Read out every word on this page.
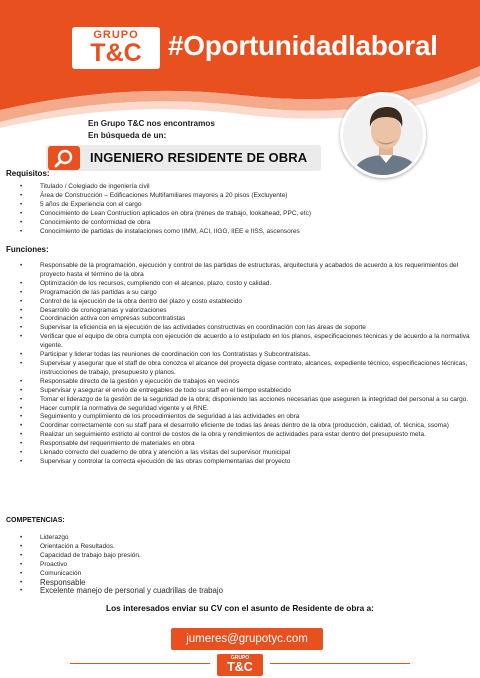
GRUPO
T&C #Oportunidadlaboral
En Grupo T&C nos encontramos
En búsqueda de un:
INGENIERO RESIDENTE DE OBRA
Requisitos:
• Titulado / Colegiado de ingeniería civil
• Área de Construcción – Edificaciones Multifamiliares mayores a 20 pisos (Excluyente)
• 5 años de Experiencia con el cargo
• Conocimiento de Lean Contruction aplicados en obra (trenes de trabajo, lookahead, PPC, etc)
• Conocimiento de conformidad de obra
• Conocimiento de partidas de instalaciones como IIMM, ACI, IIGG, IIEE e IISS, ascensores
Funciones:
• Responsable de la programación, ejecución y control de las partidas de estructuras, arquitectura y acabados de acuerdo a los requerimientos del proyecto hasta el término de la obra
• Optimización de los recursos, cumpliendo con el alcance, plazo, costo y calidad.
• Programación de las partidas a su cargo
• Control de la ejecución de la obra dentro del plazo y costo establecido
• Desarrollo de cronogramas y valorizaciones
• Coordinación activa con empresas subcontratistas
• Supervisar la eficiencia en la ejecución de las actividades constructivas en coordinación con las áreas de soporte
• Verificar que el equipo de obra cumpla con ejecución de acuerdo a lo estipulado en los planos, especificaciones técnicas y de acuerdo a la normativa vigente.
• Participar y liderar todas las reuniones de coordinación con los Contratistas y Subcontratistas.
• Supervisar y asegurar que el staff de obra conozca el alcance del proyecta digase contrato, alcances, expediente técnico, especificaciones técnicas, instrucciones de trabajo, presupuesto y planos.
• Responsable directo de la gestión y ejecución de trabajos en vecinos
• Supervisar y asegurar el envío de entregables de todo su staff en el tiempo establecido
• Tomar el liderazgo de la gestión de la seguridad de la obra; disponiendo las acciones necesarias que aseguren la integridad del personal a su cargo.
• Hacer cumplir la normativa de seguridad vigente y el RNE.
• Seguimiento y cumplimiento de los procedimientos de seguridad a las actividades en obra
• Coordinar correctamente con su staff para el desarrollo eficiente de todas las áreas dentro de la obra (producción, calidad, of. técnica, ssoma)
• Realizar un seguimiento estricto al control de costos de la obra y rendimientos de actividades para estar dentro del presupuesto meta.
• Responsable del requerimiento de materiales en obra
• Llenado correcto del cuaderno de obra y atención a las visitas del supervisor municipal
• Supervisar y controlar la correcta ejecución de las obras complementarias del proyecto
COMPETENCIAS:
• Liderazgo
• Orientación a Resultados.
• Capacidad de trabajo bajo presión.
• Proactivo
• Comunicación
• Responsable
• Excelente manejo de personal y cuadrillas de trabajo
Los interesados enviar su CV con el asunto de Residente de obra a:
jumeres@grupotyc.com
GRUPO
T&C
